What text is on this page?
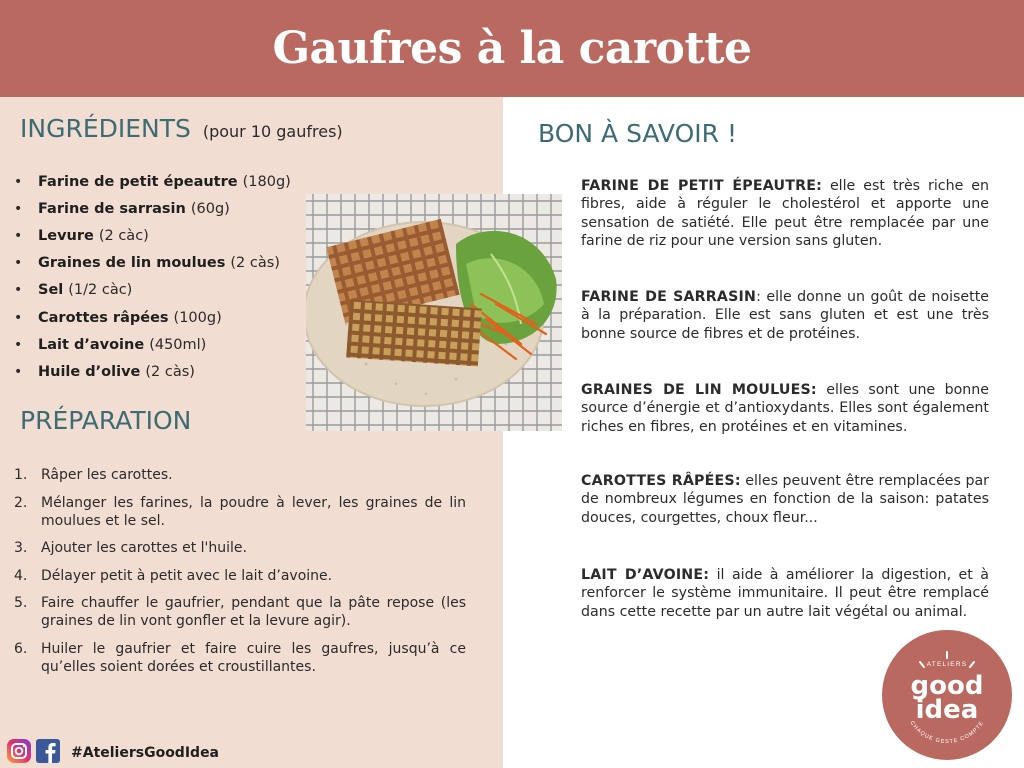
Gaufres à la carotte
INGRÉDIENTS (pour 10 gaufres)
•	Farine de petit épeautre (180g)
•	Farine de sarrasin (60g)
•	Levure (2 càc)
•	Graines de lin moulues (2 càs)
•	Sel (1/2 càc)
•	Carottes râpées (100g)
•	Lait d’avoine (450ml)
•	Huile d’olive (2 càs)
PRÉPARATION
1. Râper les carottes.
2. Mélanger les farines, la poudre à lever, les graines de lin moulues et le sel.
3. Ajouter les carottes et l'huile.
4. Délayer petit à petit avec le lait d’avoine.
5. Faire chauffer le gaufrier, pendant que la pâte repose (les graines de lin vont gonfler et la levure agir).
6. Huiler le gaufrier et faire cuire les gaufres, jusqu’à ce qu’elles soient dorées et croustillantes.
BON À SAVOIR !
FARINE DE PETIT ÉPEAUTRE: elle est très riche en fibres, aide à réguler le cholestérol et apporte une sensation de satiété. Elle peut être remplacée par une farine de riz pour une version sans gluten.
FARINE DE SARRASIN: elle donne un goût de noisette à la préparation. Elle est sans gluten et est une très bonne source de fibres et de protéines.
GRAINES DE LIN MOULUES: elles sont une bonne source d’énergie et d’antioxydants. Elles sont également riches en fibres, en protéines et en vitamines.
CAROTTES RÂPÉES: elles peuvent être remplacées par de nombreux légumes en fonction de la saison: patates douces, courgettes, choux fleur...
LAIT D’AVOINE: il aide à améliorer la digestion, et à renforcer le système immunitaire. Il peut être remplacé dans cette recette par un autre lait végétal ou animal.
ATELIERS
good
idea
CHAQUE GESTE COMPTE
#AteliersGoodIdea
